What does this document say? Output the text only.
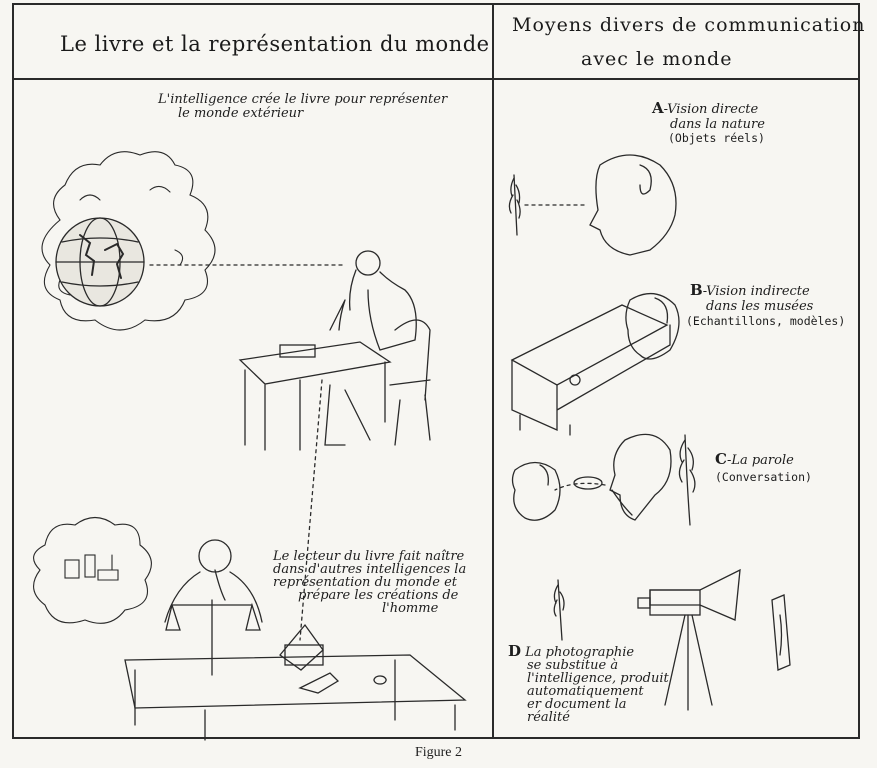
Le livre et la représentation du monde
Moyens divers de communication
avec le monde
L'intelligence crée le livre pour représenter
le monde extérieur
Le lecteur du livre fait naître
dans d'autres intelligences la
représentation du monde et
prépare les créations de
l'homme
A-Vision directe
dans la nature
(Objets réels)
B-Vision indirecte
dans les musées
(Echantillons, modèles)
C-La parole
(Conversation)
D La photographie
se substitue à
l'intelligence, produit
automatiquement
er document la
réalité
Figure 2
